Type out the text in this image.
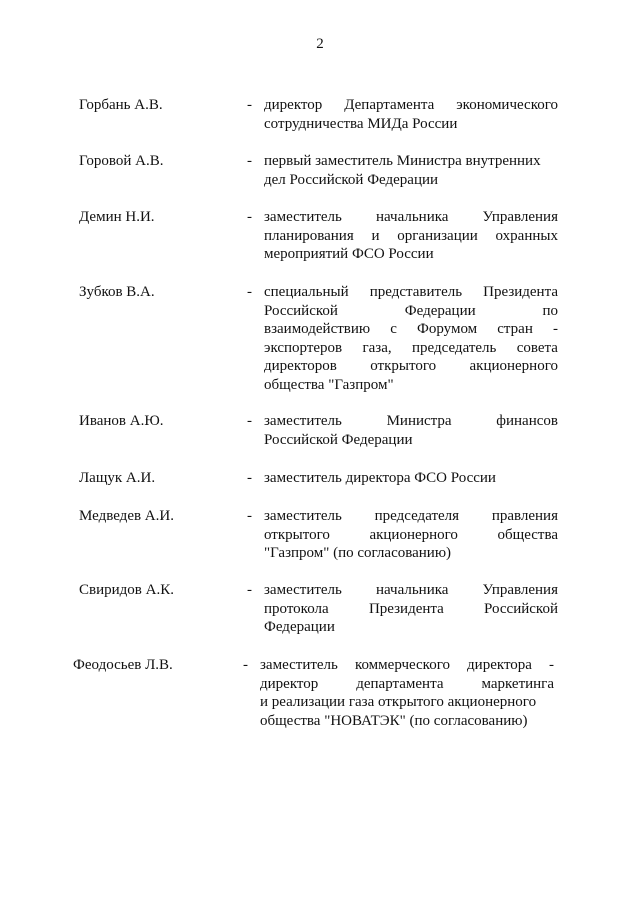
2
Горбань А.В.	- директор Департамента экономического
сотрудничества МИДа России
Горовой А.В.	- первый заместитель Министра внутренних
дел Российской Федерации
Демин Н.И.	- заместитель начальника Управления
планирования и организации охранных
мероприятий ФСО России
Зубков В.А.	- специальный представитель Президента
Российской	Федерации	по
взаимодействию с Форумом стран -
экспортеров газа, председатель совета
директоров открытого акционерного
общества "Газпром"
Иванов А.Ю.	- заместитель	Министра	финансов
Российской Федерации
Лащук А.И.	- заместитель директора ФСО России
Медведев А.И.	- заместитель председателя правления
открытого	акционерного	общества
"Газпром" (по согласованию)
Свиридов А.К.	- заместитель начальника Управления
протокола	Президента	Российской
Федерации
Феодосьев Л.В.	- заместитель коммерческого директора -
директор	департамента	маркетинга
и реализации газа открытого акционерного
общества "НОВАТЭК" (по согласованию)
